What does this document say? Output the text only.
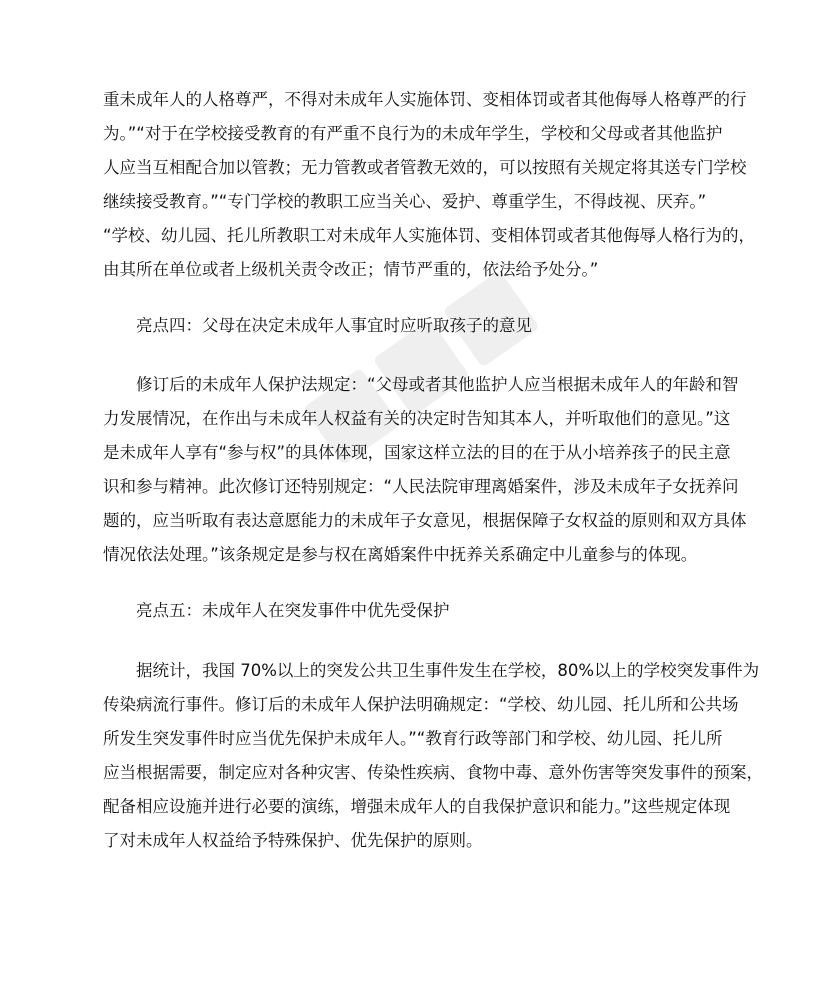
重未成年人的人格尊严，不得对未成年人实施体罚、变相体罚或者其他侮辱人格尊严的行
为。”“对于在学校接受教育的有严重不良行为的未成年学生，学校和父母或者其他监护
人应当互相配合加以管教；无力管教或者管教无效的，可以按照有关规定将其送专门学校
继续接受教育。”“专门学校的教职工应当关心、爱护、尊重学生，不得歧视、厌弃。”
“学校、幼儿园、托儿所教职工对未成年人实施体罚、变相体罚或者其他侮辱人格行为的，
由其所在单位或者上级机关责令改正；情节严重的，依法给予处分。”
亮点四：父母在决定未成年人事宜时应听取孩子的意见
修订后的未成年人保护法规定：“父母或者其他监护人应当根据未成年人的年龄和智
力发展情况，在作出与未成年人权益有关的决定时告知其本人，并听取他们的意见。”这
是未成年人享有“参与权”的具体体现，国家这样立法的目的在于从小培养孩子的民主意
识和参与精神。此次修订还特别规定：“人民法院审理离婚案件，涉及未成年子女抚养问
题的，应当听取有表达意愿能力的未成年子女意见，根据保障子女权益的原则和双方具体
情况依法处理。”该条规定是参与权在离婚案件中抚养关系确定中儿童参与的体现。
亮点五：未成年人在突发事件中优先受保护
据统计，我国 70%以上的突发公共卫生事件发生在学校，80%以上的学校突发事件为
传染病流行事件。修订后的未成年人保护法明确规定：“学校、幼儿园、托儿所和公共场
所发生突发事件时应当优先保护未成年人。”“教育行政等部门和学校、幼儿园、托儿所
应当根据需要，制定应对各种灾害、传染性疾病、食物中毒、意外伤害等突发事件的预案，
配备相应设施并进行必要的演练，增强未成年人的自我保护意识和能力。”这些规定体现
了对未成年人权益给予特殊保护、优先保护的原则。
